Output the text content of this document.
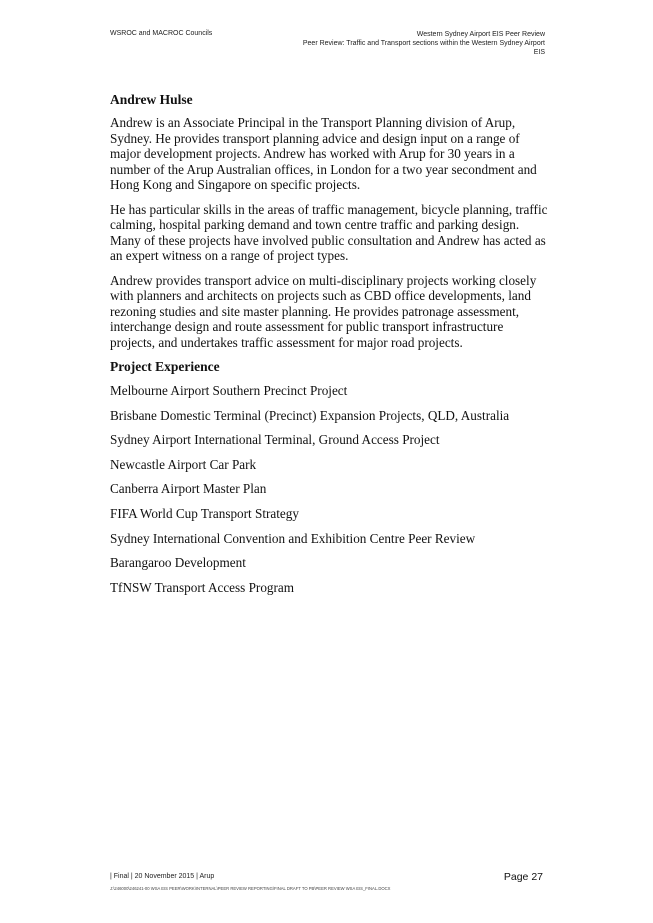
WSROC and MACROC Councils	Western Sydney Airport EIS Peer Review
Peer Review: Traffic and Transport sections within the Western Sydney Airport
EIS

Andrew Hulse

Andrew is an Associate Principal in the Transport Planning division of Arup, Sydney. He provides transport planning advice and design input on a range of major development projects. Andrew has worked with Arup for 30 years in a number of the Arup Australian offices, in London for a two year secondment and Hong Kong and Singapore on specific projects.

He has particular skills in the areas of traffic management, bicycle planning, traffic calming, hospital parking demand and town centre traffic and parking design. Many of these projects have involved public consultation and Andrew has acted as an expert witness on a range of project types.

Andrew provides transport advice on multi-disciplinary projects working closely with planners and architects on projects such as CBD office developments, land rezoning studies and site master planning. He provides patronage assessment, interchange design and route assessment for public transport infrastructure projects, and undertakes traffic assessment for major road projects.

Project Experience

Melbourne Airport Southern Precinct Project
Brisbane Domestic Terminal (Precinct) Expansion Projects, QLD, Australia
Sydney Airport International Terminal, Ground Access Project
Newcastle Airport Car Park
Canberra Airport Master Plan
FIFA World Cup Transport Strategy
Sydney International Convention and Exhibition Centre Peer Review
Barangaroo Development
TfNSW Transport Access Program
| Final | 20 November 2015 | Arup
J:\246000\246241-00 WSA EIS PEER\WORK\INTERNAL\PEER REVIEW REPORTING\FINAL DRAFT TO PB\PEER REVIEW WSA EIS_FINAL.DOCX
Page 27
